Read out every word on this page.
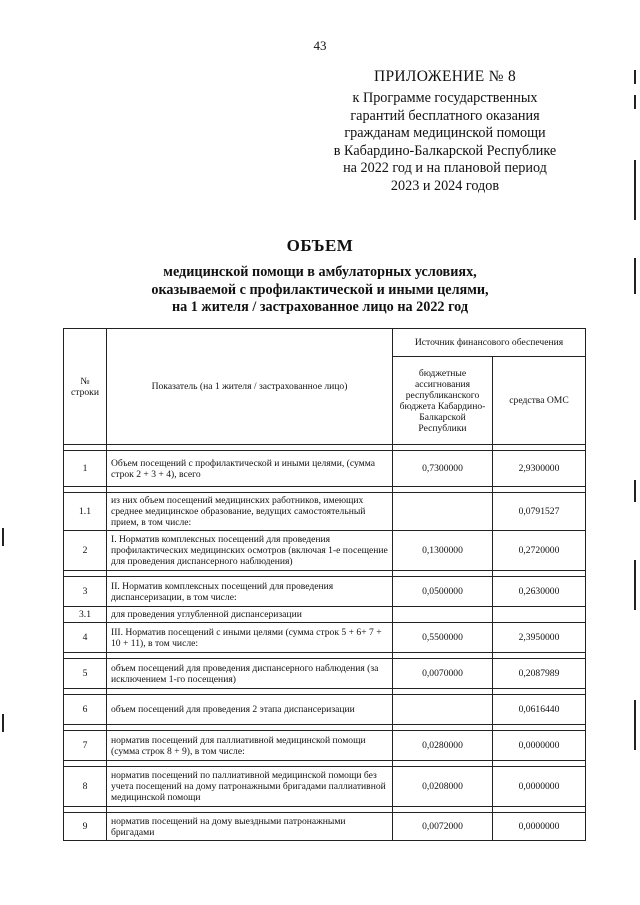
43
ПРИЛОЖЕНИЕ № 8
к Программе государственных
гарантий бесплатного оказания
гражданам медицинской помощи
в Кабардино-Балкарской Республике
на 2022 год и на плановой период
2023 и 2024 годов
ОБЪЕМ
медицинской помощи в амбулаторных условиях,
оказываемой с профилактической и иными целями,
на 1 жителя / застрахованное лицо на 2022 год
№ строки	Показатель (на 1 жителя / застрахованное лицо)	Источник финансового обеспечения	
		бюджетные ассигнования республиканского бюджета Кабардино-Балкарской Республики	средства ОМС

1	Объем посещений с профилактической и иными целями, (сумма строк 2 + 3 + 4), всего	0,7300000	2,9300000

1.1	из них объем посещений медицинских работников, имеющих среднее медицинское образование, ведущих самостоятельный прием, в том числе:		0,0791527
2	I. Норматив комплексных посещений для проведения профилактических медицинских осмотров (включая 1-е посещение для проведения диспансерного наблюдения)	0,1300000	0,2720000

3	II. Норматив комплексных посещений для проведения диспансеризации, в том числе:	0,0500000	0,2630000
3.1	для проведения углубленной диспансеризации		
4	III. Норматив посещений с иными целями (сумма строк 5 + 6+ 7 + 10 + 11), в том числе:	0,5500000	2,3950000

5	объем посещений для проведения диспансерного наблюдения (за исключением 1-го посещения)	0,0070000	0,2087989

6	объем посещений для проведения 2 этапа диспансеризации		0,0616440

7	норматив посещений для паллиативной медицинской помощи (сумма строк 8 + 9), в том числе:	0,0280000	0,0000000

8	норматив посещений по паллиативной медицинской помощи без учета посещений на дому патронажными бригадами паллиативной медицинской помощи	0,0208000	0,0000000

9	норматив посещений на дому выездными патронажными бригадами	0,0072000	0,0000000
